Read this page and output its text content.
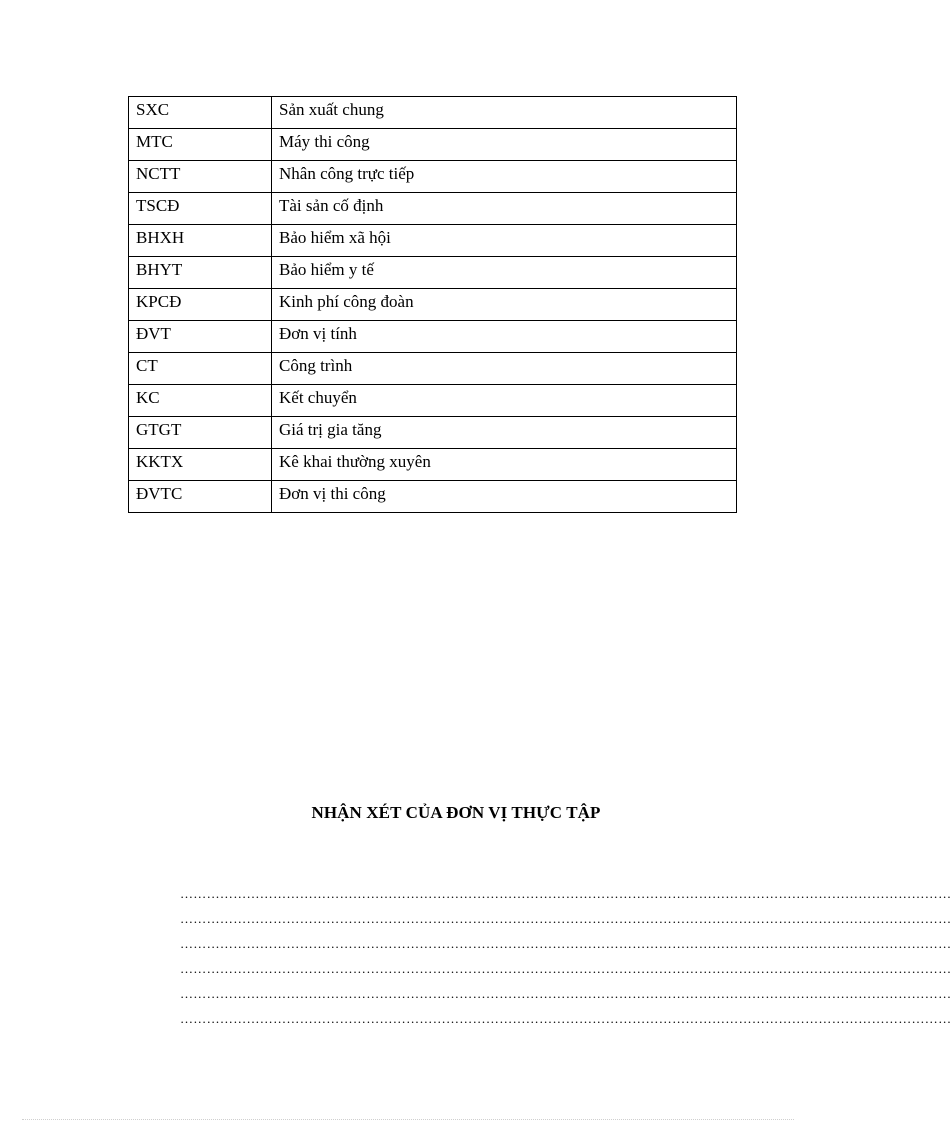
SXC	Sản xuất chung
MTC	Máy thi công
NCTT	Nhân công trực tiếp
TSCĐ	Tài sản cố định
BHXH	Bảo hiểm xã hội
BHYT	Bảo hiểm y tế
KPCĐ	Kinh phí công đoàn
ĐVT	Đơn vị tính
CT	Công trình
KC	Kết chuyển
GTGT	Giá trị gia tăng
KKTX	Kê khai thường xuyên
ĐVTC	Đơn vị thi công
NHẬN XÉT CỦA ĐƠN VỊ THỰC TẬP
…………………………………………………………………………………………………………………………………………………………
…………………………………………………………………………………………………………………………………………………………
…………………………………………………………………………………………………………………………………………………………
…………………………………………………………………………………………………………………………………………………………
…………………………………………………………………………………………………………………………………………………………
…………………………………………………………………………………………………………………………………………………………
